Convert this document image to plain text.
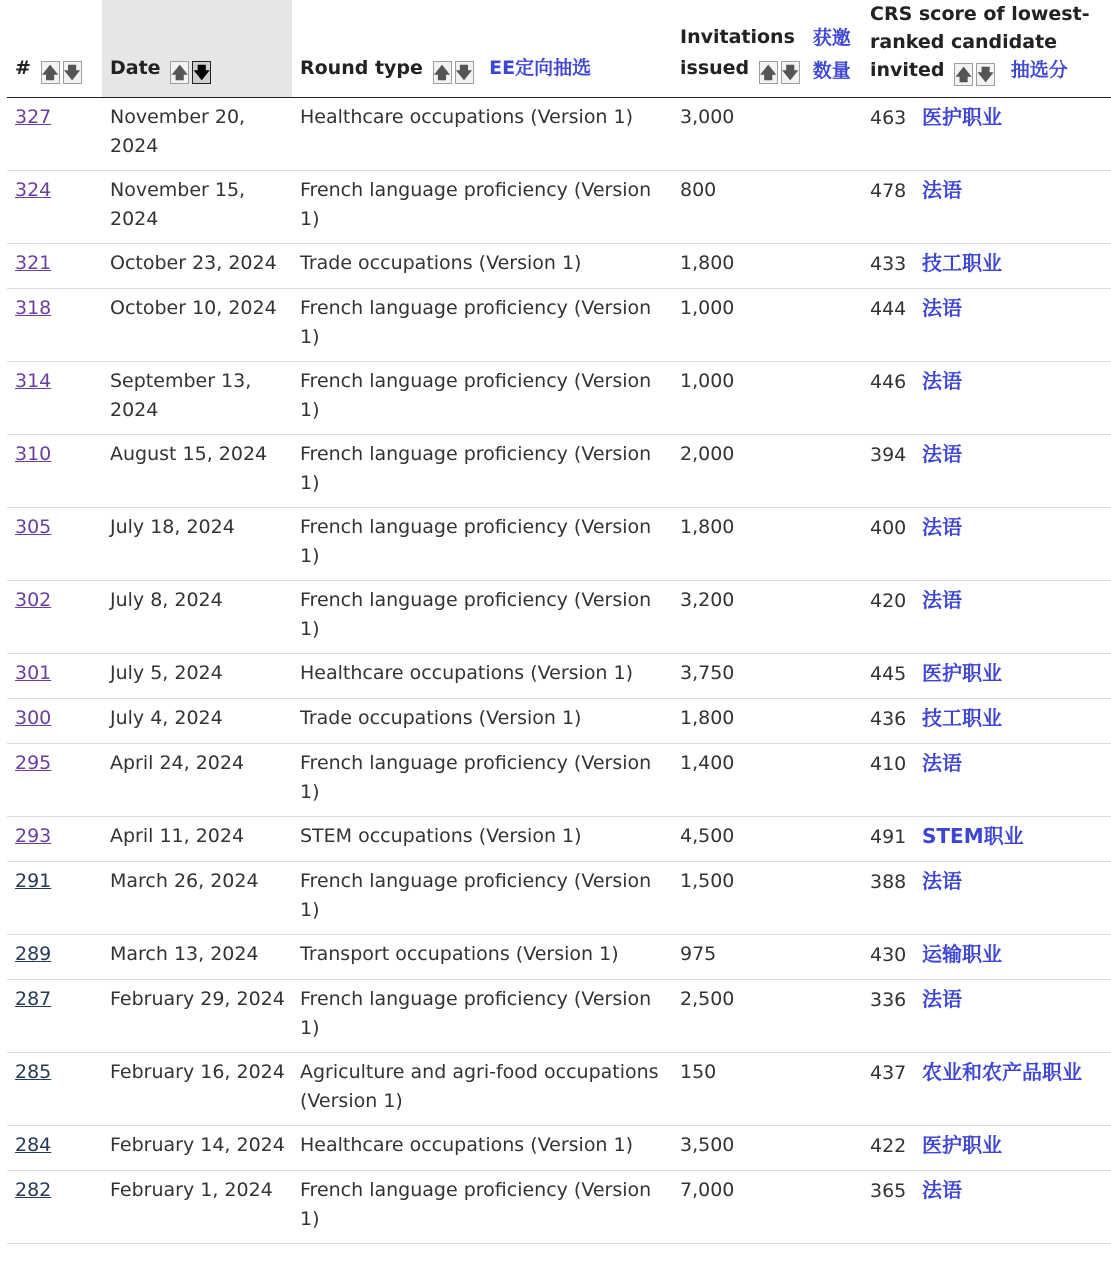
# 🡅 🡇	Date 🡅 🡇	Round type 🡅 🡇 EE定向抽选	Invitations
issued 🡅 🡇获邀
数量	CRS score of lowest-
ranked candidate
invited 🡅 🡇 抽选分
327	November 20, 2024	Healthcare occupations (Version 1)	3,000	463 医护职业
324	November 15, 2024	French language proficiency (Version 1)	800	478 法语
321	October 23, 2024	Trade occupations (Version 1)	1,800	433 技工职业
318	October 10, 2024	French language proficiency (Version 1)	1,000	444 法语
314	September 13, 2024	French language proficiency (Version 1)	1,000	446 法语
310	August 15, 2024	French language proficiency (Version 1)	2,000	394 法语
305	July 18, 2024	French language proficiency (Version 1)	1,800	400 法语
302	July 8, 2024	French language proficiency (Version 1)	3,200	420 法语
301	July 5, 2024	Healthcare occupations (Version 1)	3,750	445 医护职业
300	July 4, 2024	Trade occupations (Version 1)	1,800	436 技工职业
295	April 24, 2024	French language proficiency (Version 1)	1,400	410 法语
293	April 11, 2024	STEM occupations (Version 1)	4,500	491 STEM职业
291	March 26, 2024	French language proficiency (Version 1)	1,500	388 法语
289	March 13, 2024	Transport occupations (Version 1)	975	430 运输职业
287	February 29, 2024	French language proficiency (Version 1)	2,500	336 法语
285	February 16, 2024	Agriculture and agri-food occupations (Version 1)	150	437 农业和农产品职业
284	February 14, 2024	Healthcare occupations (Version 1)	3,500	422 医护职业
282	February 1, 2024	French language proficiency (Version 1)	7,000	365 法语
